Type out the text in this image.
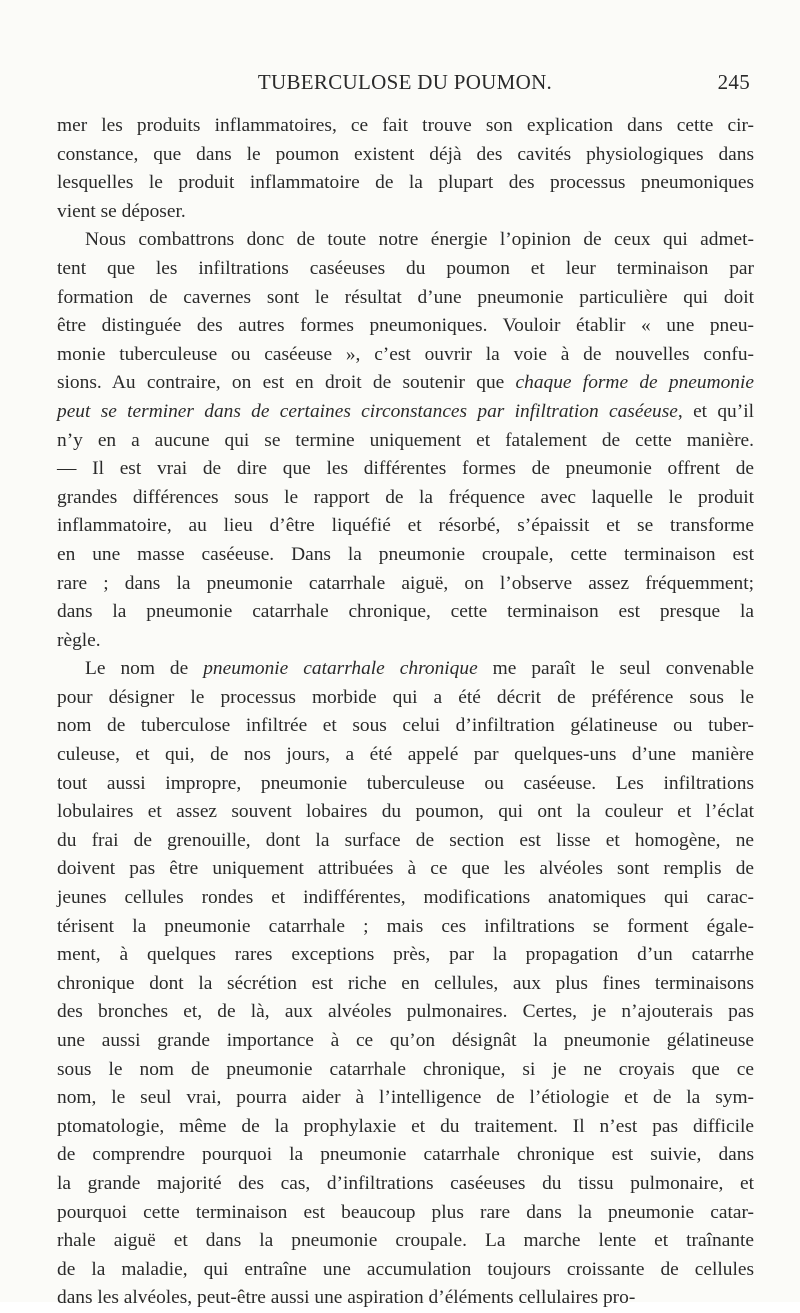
TUBERCULOSE DU POUMON.	245
mer les produits inflammatoires, ce fait trouve son explication dans cette cir-
constance, que dans le poumon existent déjà des cavités physiologiques dans
lesquelles le produit inflammatoire de la plupart des processus pneumoniques
vient se déposer.
Nous combattrons donc de toute notre énergie l’opinion de ceux qui admet-
tent que les infiltrations caséeuses du poumon et leur terminaison par
formation de cavernes sont le résultat d’une pneumonie particulière qui doit
être distinguée des autres formes pneumoniques. Vouloir établir « une pneu-
monie tuberculeuse ou caséeuse », c’est ouvrir la voie à de nouvelles confu-
sions. Au contraire, on est en droit de soutenir que chaque forme de pneumonie
peut se terminer dans de certaines circonstances par infiltration caséeuse, et qu’il
n’y en a aucune qui se termine uniquement et fatalement de cette manière.
— Il est vrai de dire que les différentes formes de pneumonie offrent de
grandes différences sous le rapport de la fréquence avec laquelle le produit
inflammatoire, au lieu d’être liquéfié et résorbé, s’épaissit et se transforme
en une masse caséeuse. Dans la pneumonie croupale, cette terminaison est
rare ; dans la pneumonie catarrhale aiguë, on l’observe assez fréquemment;
dans la pneumonie catarrhale chronique, cette terminaison est presque la
règle.
Le nom de pneumonie catarrhale chronique me paraît le seul convenable
pour désigner le processus morbide qui a été décrit de préférence sous le
nom de tuberculose infiltrée et sous celui d’infiltration gélatineuse ou tuber-
culeuse, et qui, de nos jours, a été appelé par quelques-uns d’une manière
tout aussi impropre, pneumonie tuberculeuse ou caséeuse. Les infiltrations
lobulaires et assez souvent lobaires du poumon, qui ont la couleur et l’éclat
du frai de grenouille, dont la surface de section est lisse et homogène, ne
doivent pas être uniquement attribuées à ce que les alvéoles sont remplis de
jeunes cellules rondes et indifférentes, modifications anatomiques qui carac-
térisent la pneumonie catarrhale ; mais ces infiltrations se forment égale-
ment, à quelques rares exceptions près, par la propagation d’un catarrhe
chronique dont la sécrétion est riche en cellules, aux plus fines terminaisons
des bronches et, de là, aux alvéoles pulmonaires. Certes, je n’ajouterais pas
une aussi grande importance à ce qu’on désignât la pneumonie gélatineuse
sous le nom de pneumonie catarrhale chronique, si je ne croyais que ce
nom, le seul vrai, pourra aider à l’intelligence de l’étiologie et de la sym-
ptomatologie, même de la prophylaxie et du traitement. Il n’est pas difficile
de comprendre pourquoi la pneumonie catarrhale chronique est suivie, dans
la grande majorité des cas, d’infiltrations caséeuses du tissu pulmonaire, et
pourquoi cette terminaison est beaucoup plus rare dans la pneumonie catar-
rhale aiguë et dans la pneumonie croupale. La marche lente et traînante
de la maladie, qui entraîne une accumulation toujours croissante de cellules
dans les alvéoles, peut-être aussi une aspiration d’éléments cellulaires pro-
